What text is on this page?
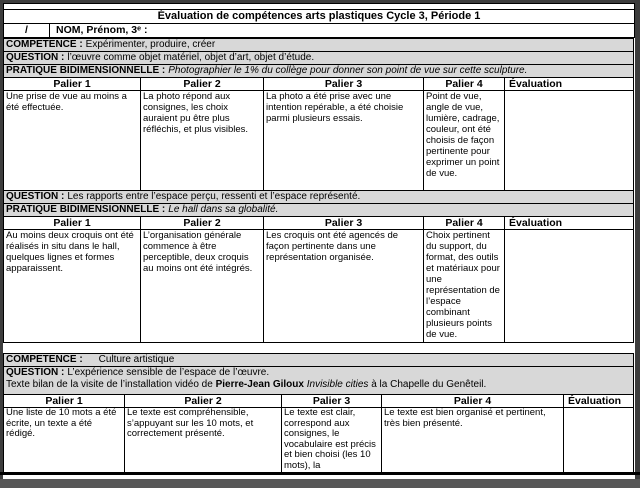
Évaluation de compétences arts plastiques Cycle 3, Période 1
/	NOM, Prénom, 3ᵉ :
COMPETENCE : Expérimenter, produire, créer				
QUESTION : l’œuvre comme objet matériel, objet d’art, objet d’étude.				
PRATIQUE BIDIMENSIONNELLE : Photographier le 1% du collège pour donner son point de vue sur cette sculpture.				
Palier 1	Palier 2	Palier 3	Palier 4	Évaluation
Une prise de vue au moins a été effectuée.	La photo répond aux consignes, les choix auraient pu être plus réfléchis, et plus visibles.	La photo a été prise avec une intention repérable, a été choisie parmi plusieurs essais.	Point de vue, angle de vue, lumière, cadrage, couleur, ont été choisis de façon pertinente pour exprimer un point de vue.	
QUESTION : Les rapports entre l’espace perçu, ressenti et l’espace représenté.				
PRATIQUE BIDIMENSIONNELLE : Le hall dans sa globalité.				
Palier 1	Palier 2	Palier 3	Palier 4	Évaluation
Au moins deux croquis ont été réalisés in situ dans le hall, quelques lignes et formes apparaissent.	L’organisation générale commence à être perceptible, deux croquis au moins ont été intégrés.	Les croquis ont été agencés de façon pertinente dans une représentation organisée.	Choix pertinent du support, du format, des outils et matériaux pour une représentation de l’espace combinant plusieurs points de vue.	
COMPETENCE : Culture artistique				

QUESTION : L’expérience sensible de l’espace de l’œuvre.
Texte bilan de la visite de l’installation vidéo de Pierre-Jean Giloux Invisible cities à la Chapelle du Genêteil.				

Palier 1	Palier 2	Palier 3	Palier 4	Évaluation
Une liste de 10 mots a été écrite, un texte a été rédigé.	Le texte est compréhensible, s’appuyant sur les 10 mots, et correctement présenté.	Le texte est clair, correspond aux consignes, le vocabulaire est précis et bien choisi (les 10 mots), la	Le texte est bien organisé et pertinent, très bien présenté.	
